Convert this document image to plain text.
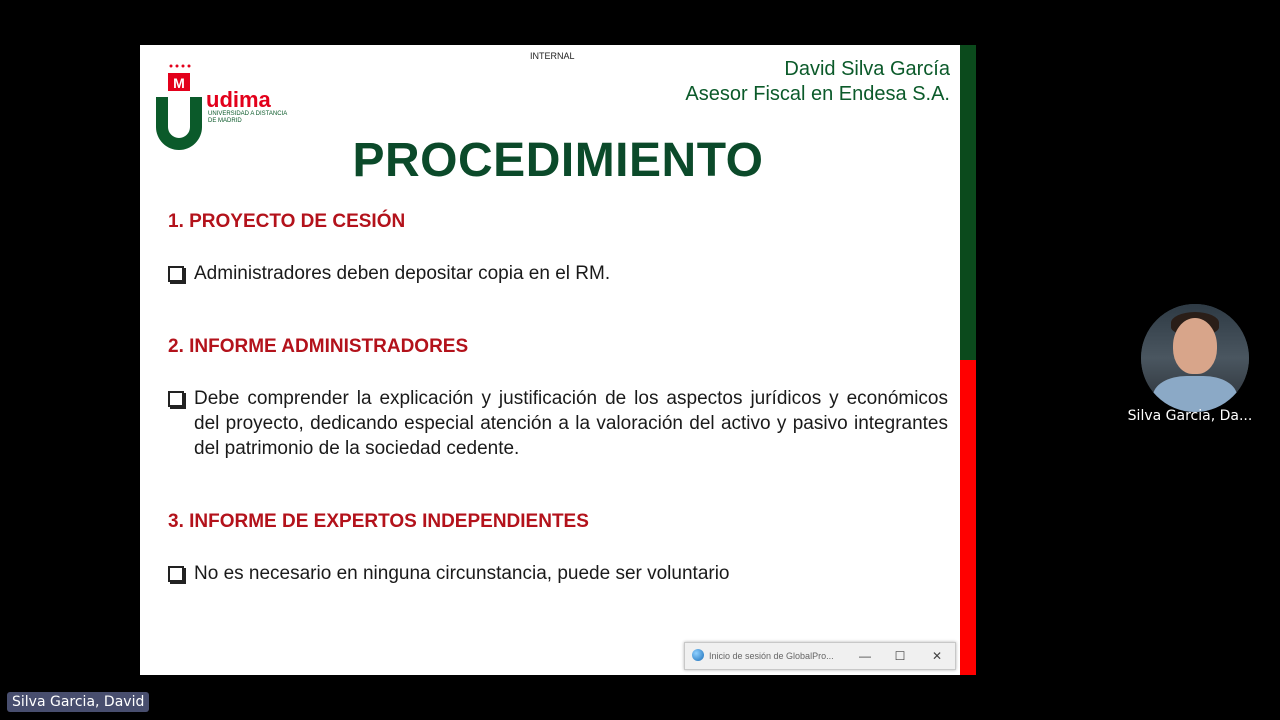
INTERNAL
M
udima
UNIVERSIDAD A DISTANCIA
DE MADRID
David Silva García
Asesor Fiscal en Endesa S.A.
PROCEDIMIENTO
1. PROYECTO DE CESIÓN
Administradores deben depositar copia en el RM.
2. INFORME ADMINISTRADORES
Debe comprender la explicación y justificación de los aspectos jurídicos y económicos del proyecto, dedicando especial atención a la valoración del activo y pasivo integrantes del patrimonio de la sociedad cedente.
3. INFORME DE EXPERTOS INDEPENDIENTES
No es necesario en ninguna circunstancia, puede ser voluntario
Inicio de sesión de GlobalPro...	—	☐	✕
Silva Garcia, Da...
Silva Garcia, David
